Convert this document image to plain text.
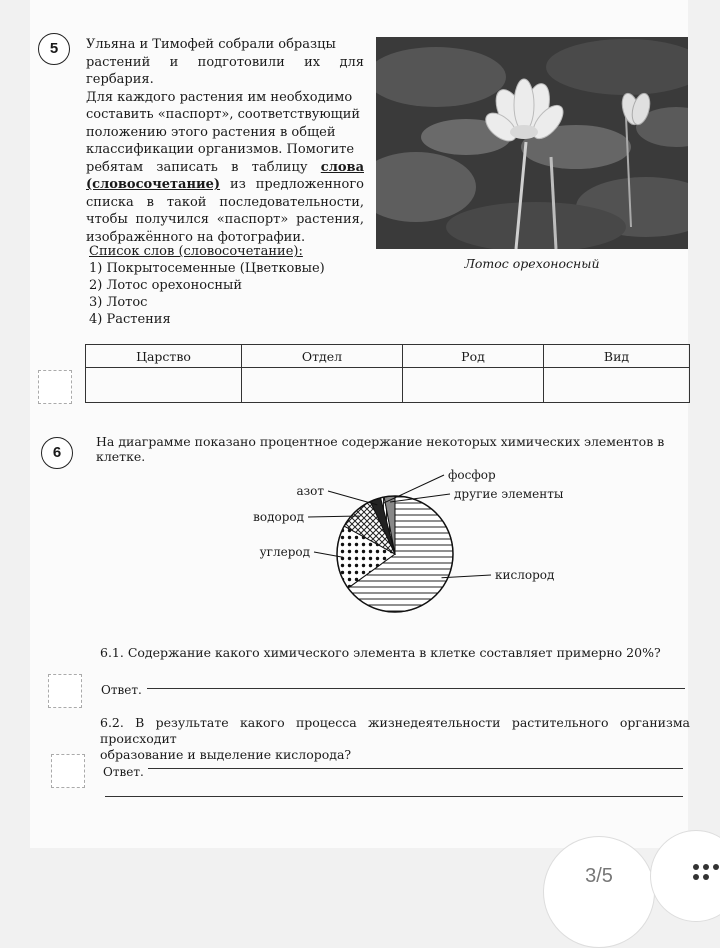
5	Ульяна и Тимофей собрали образцы
растений и подготовили их для гербария.
Для каждого растения им необходимо
составить «паспорт», соответствующий
положению этого растения в общей
классификации организмов. Помогите
ребятам записать в таблицу слова (словосочетание) из предложенного списка в такой последовательности, чтобы получился «паспорт» растения, изображённого на фотографии.
Лотос орехоносный
Список слов (словосочетание):
1) Покрытосеменные (Цветковые)
2) Лотос орехоносный
3) Лотос
4) Растения
Царство	Отдел	Род	Вид

6
На диаграмме показано процентное содержание некоторых химических элементов в клетке.
кислород
углерод
водород
азот
фосфор
другие элементы
6.1. Содержание какого химического элемента в клетке составляет примерно 20%?
Ответ.
6.2. В результате какого процесса жизнедеятельности растительного организма происходит
образование и выделение кислорода?
Ответ.
3/5
